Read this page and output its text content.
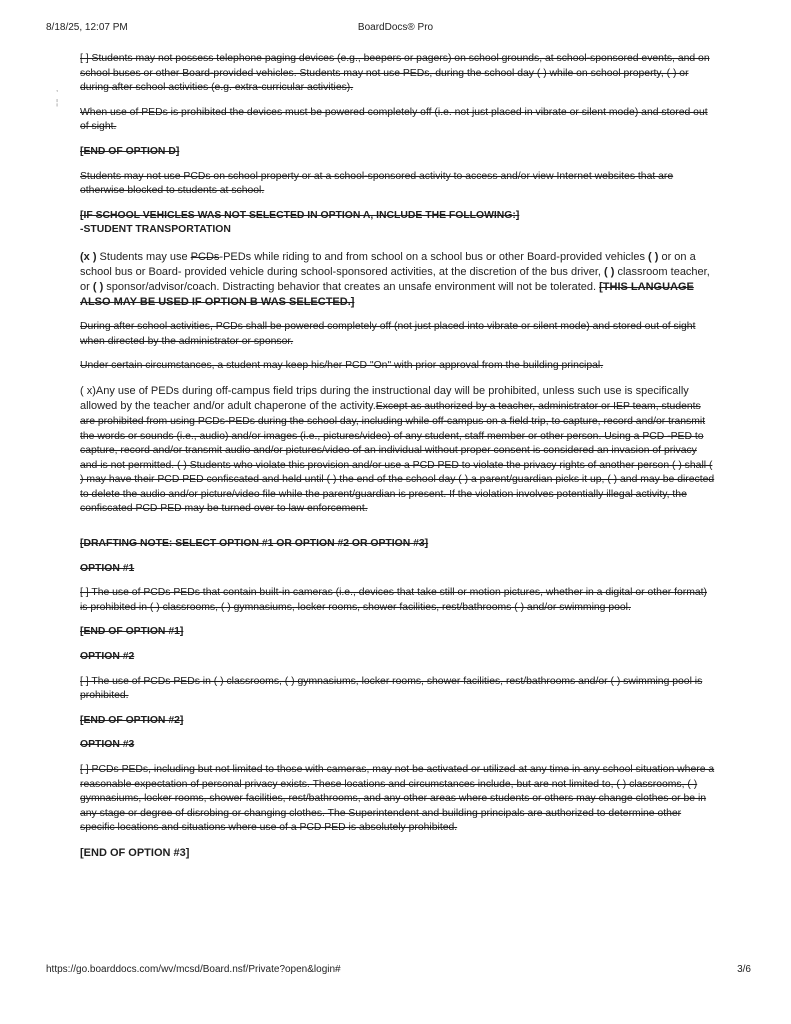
8/18/25, 12:07 PM	BoardDocs® Pro
,
¦

[ ] Students may not possess telephone paging devices (e.g., beepers or pagers) on school grounds, at school-sponsored events, and on school buses or other Board-provided vehicles. Students may not use PEDs, during the school day ( ) while on school property, ( ) or during after school activities (e.g. extra-curricular activities).

When use of PEDs is prohibited the devices must be powered completely off (i.e. not just placed in vibrate or silent mode) and stored out of sight.

[END OF OPTION D]

Students may not use PCDs on school property or at a school-sponsored activity to access and/or view Internet websites that are otherwise blocked to students at school.

[IF SCHOOL VEHICLES WAS NOT SELECTED IN OPTION A, INCLUDE THE FOLLOWING:]
-STUDENT TRANSPORTATION

(x ) Students may use PCDs-PEDs while riding to and from school on a school bus or other Board-provided vehicles ( ) or on a school bus or Board- provided vehicle during school-sponsored activities, at the discretion of the bus driver, ( ) classroom teacher, or ( ) sponsor/advisor/coach. Distracting behavior that creates an unsafe environment will not be tolerated. [THIS LANGUAGE ALSO MAY BE USED IF OPTION B WAS SELECTED.]

During after school activities, PCDs shall be powered completely off (not just placed into vibrate or silent mode) and stored out of sight when directed by the administrator or sponsor.

Under certain circumstances, a student may keep his/her PCD "On" with prior approval from the building principal.

( x)Any use of PEDs during off-campus field trips during the instructional day will be prohibited, unless such use is specifically allowed by the teacher and/or adult chaperone of the activity.Except as authorized by a teacher, administrator or IEP team, students are prohibited from using PCDs-PEDs during the school day, including while off-campus on a field trip, to capture, record and/or transmit the words or sounds (i.e., audio) and/or images (i.e., pictures/video) of any student, staff member or other person. Using a PCD -PED to capture, record and/or transmit audio and/or pictures/video of an individual without proper consent is considered an invasion of privacy and is not permitted. ( ) Students who violate this provision and/or use a PCD PED to violate the privacy rights of another person ( ) shall ( ) may have their PCD PED confiscated and held until ( ) the end of the school day ( ) a parent/guardian picks it up, ( ) and may be directed to delete the audio and/or picture/video file while the parent/guardian is present. If the violation involves potentially illegal activity, the confiscated PCD PED may be turned over to law enforcement.

[DRAFTING NOTE: SELECT OPTION #1 OR OPTION #2 OR OPTION #3]

OPTION #1

[ ] The use of PCDs PEDs that contain built-in cameras (i.e., devices that take still or motion pictures, whether in a digital or other format) is prohibited in ( ) classrooms, ( ) gymnasiums, locker rooms, shower facilities, rest/bathrooms ( ) and/or swimming pool.

[END OF OPTION #1]

OPTION #2

[ ] The use of PCDs PEDs in ( ) classrooms, ( ) gymnasiums, locker rooms, shower facilities, rest/bathrooms and/or ( ) swimming pool is prohibited.

[END OF OPTION #2]

OPTION #3

[ ] PCDs PEDs, including but not limited to those with cameras, may not be activated or utilized at any time in any school situation where a reasonable expectation of personal privacy exists. These locations and circumstances include, but are not limited to, ( ) classrooms, ( ) gymnasiums, locker rooms, shower facilities, rest/bathrooms, and any other areas where students or others may change clothes or be in any stage or degree of disrobing or changing clothes. The Superintendent and building principals are authorized to determine other specific locations and situations where use of a PCD PED is absolutely prohibited.

[END OF OPTION #3]

https://go.boarddocs.com/wv/mcsd/Board.nsf/Private?open&login#	3/6
